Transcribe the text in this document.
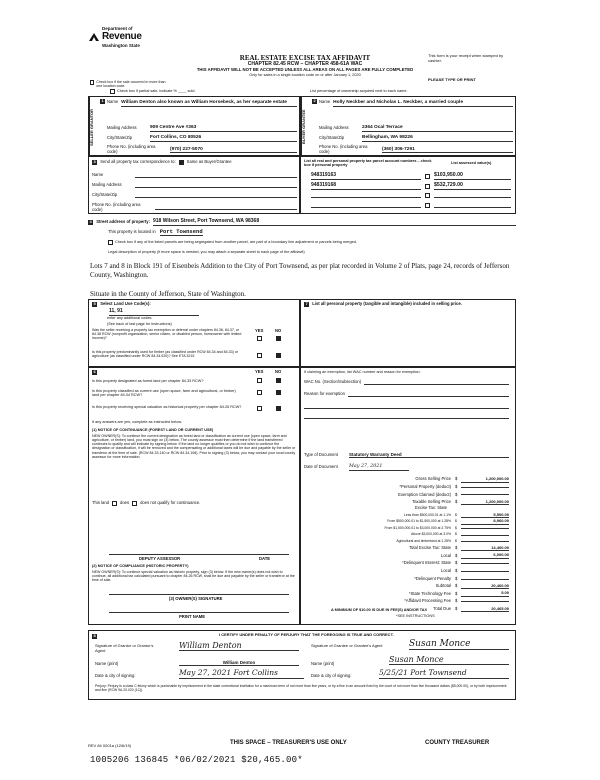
Department of
Revenue
Washington State
REAL ESTATE EXCISE TAX AFFIDAVIT
CHAPTER 82.45 RCW – CHAPTER 458-61A WAC
THIS AFFIDAVIT WILL NOT BE ACCEPTED UNLESS ALL AREAS ON ALL PAGES ARE FULLY COMPLETED
Only for sales in a single location code on or after January 1, 2020
This form is your receipt when stamped by cashier.
PLEASE TYPE OR PRINT
Check box if the sale occurred in more than one location code.
Check box if partial sale, indicate % ____ sold.	List percentage of ownership acquired next to each name.
SELLER GRANTOR
1 Name William Denton also known as William Horsebeck, as her separate estate
Mailing Address	909 Centre Ave #363
City/State/Zip	Fort Collins, CO 80526
Phone No. (including area code)	(970) 227-5070
BUYER GRANTEE
2 Name Holly Neckber and Nicholas L. Neckber, a married couple
Mailing Address	2364 Ocal Terrace
City/State/Zip	Bellingham, WA 98226
Phone No. (including area code)	(360) 306-7291
3	Send all property tax correspondence to:	Same as Buyer/Grantee
Name
Mailing Address
City/State/Zip
Phone No. (including area code)
List all real and personal property tax parcel account numbers – check box if personal property
List assessed value(s)
948319163	$103,950.00
948319168	$532,729.00
4	Street address of property: 918 Wilson Street, Port Townsend, WA 98368
This property is located in Port Townsend
Check box if any of the listed parcels are being segregated from another parcel, are part of a boundary line adjustment or parcels being merged.
Legal description of property (if more space is needed, you may attach a separate sheet to each page of the affidavit)
Lots 7 and 8 in Block 191 of Eisenbeis Addition to the City of Port Townsend, as per plat recorded in Volume 2 of Plats, page 24, records of Jefferson County, Washington.
Situate in the County of Jefferson, State of Washington.
5	Select Land Use Code(s):
11, 91
enter any additional codes:
(See back of last page for instructions)
YES	NO
Was the seller receiving a property tax exemption or deferral under chapters 84.36, 84.37, or 84.38 RCW (nonprofit organization, senior citizen, or disabled person, homeowner with limited income)?
Is this property predominantly used for timber (as classified under RCW 84.34 and 84.33) or agriculture (as classified under RCW 84.34.020)? See ETA 3215
6	YES	NO
Is this property designated as forest land per chapter 84.33 RCW?
Is this property classified as current use (open space, farm and agricultural, or timber) land per chapter 84.34 RCW?
Is this property receiving special valuation as historical property per chapter 84.26 RCW?
If any answers are yes, complete as instructed below.
(1) NOTICE OF CONTINUANCE (FOREST LAND OR CURRENT USE)
NEW OWNER(S): To continue the current designation as forest land or classification as current use (open space, farm and agriculture, or timber) land, you must sign on (3) below. The county assessor must then determine if the land transferred continues to qualify and will indicate by signing below. If the land no longer qualifies or you do not wish to continue the designation or classification, it will be removed and the compensating or additional taxes will be due and payable by the seller or transferor at the time of sale. (RCW 84.33.140 or RCW 84.34.108). Prior to signing (3) below, you may contact your local county assessor for more information.
This land	does	does not qualify for continuance.
DEPUTY ASSESSOR	DATE
(2) NOTICE OF COMPLIANCE (HISTORIC PROPERTY)
NEW OWNER(S): To continue special valuation as historic property, sign (3) below. If the new owner(s) does not wish to continue, all additional tax calculated pursuant to chapter 84.26 RCW, shall be due and payable by the seller or transferor at the time of sale.
(3) OWNER(S) SIGNATURE
PRINT NAME
7	List all personal property (tangible and intangible) included in selling price.
If claiming an exemption, list WAC number and reason for exemption:
WAC No. (Section/Subsection)
Reason for exemption
Type of Document	Statutory Warranty Deed
Date of Document	May 27, 2021
Gross Selling Price $	1,200,000.00
*Personal Property (deduct) $
Exemption Claimed (deduct) $
Taxable Selling Price $	1,200,000.00
Excise Tax: State
Less than $500,000.01 at 1.1%	$	5,500.00
From $500,000.01 to $1,500,000 at 1.28%	$	8,960.00
From $1,500,000.01 to $3,000,000 at 2.75%	$
Above $3,000,000 at 3.0%	$
Agricultural and timberland at 1.28%	$
Total Excise Tax: State $	14,460.00
Local $	6,000.00
*Delinquent Interest: State $
Local $
*Delinquent Penalty $
Subtotal $	20,460.00
*State Technology Fee $	5.00
*Affidavit Processing Fee $
Total Due $	20,465.00
A MINIMUM OF $10.00 IS DUE IN FEE(S) AND/OR TAX
*SEE INSTRUCTIONS
8	I CERTIFY UNDER PENALTY OF PERJURY THAT THE FOREGOING IS TRUE AND CORRECT.
Signature of Grantor or Grantor's Agent
William Denton
Name (print)	William Denton
Date & city of signing:	May 27, 2021 Fort Collins
Signature of Grantee or Grantee's Agent	Susan Monce
Name (print)	Susan Monce
Date & city of signing:	5/25/21 Port Townsend
Perjury: Perjury is a class C felony which is punishable by imprisonment in the state correctional institution for a maximum term of not more than five years, or by a fine in an amount fixed by the court of not more than five thousand dollars ($5,000.00), or by both imprisonment and fine (RCW 9A.20.020 (1C)).
REV 84 0001a (12/6/19)	THIS SPACE – TREASURER'S USE ONLY	COUNTY TREASURER
1005206 136845 *06/02/2021 $20,465.00*
